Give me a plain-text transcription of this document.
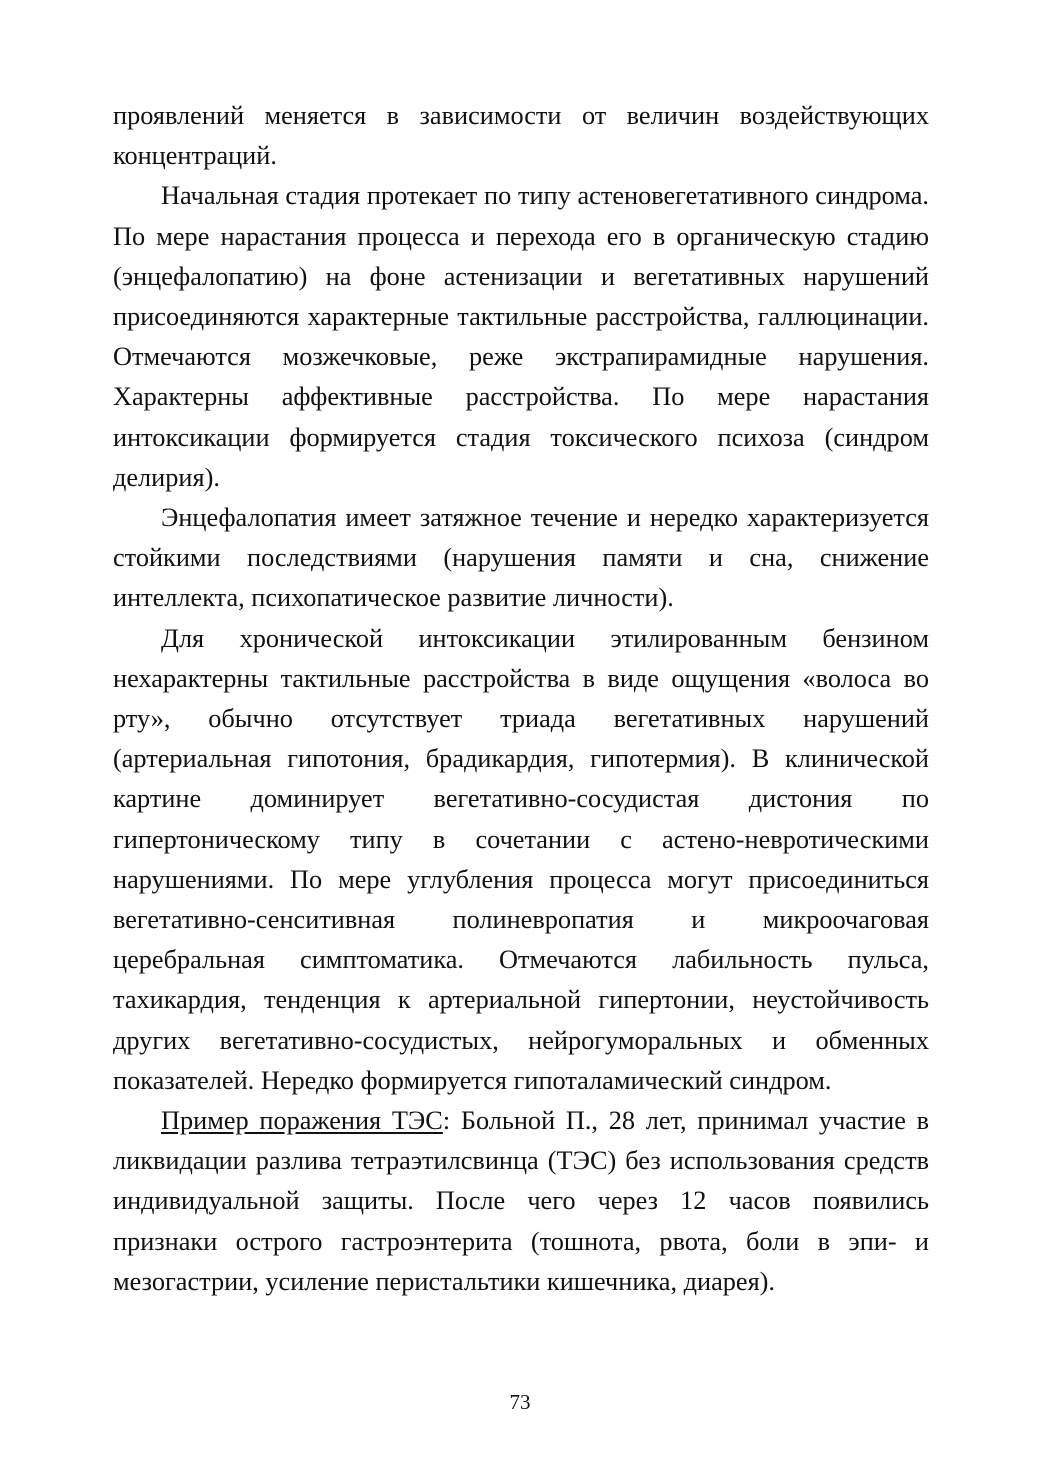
проявлений меняется в зависимости от величин воздействующих концентраций.

Начальная стадия протекает по типу астеновегетативного синдрома. По мере нарастания процесса и перехода его в органическую стадию (энцефалопатию) на фоне астенизации и вегетативных нарушений присоединяются характерные тактильные расстройства, галлюцинации. Отмечаются мозжечковые, реже экстрапирамидные нарушения. Характерны аффективные расстройства. По мере нарастания интоксикации формируется стадия токсического психоза (синдром делирия).

Энцефалопатия имеет затяжное течение и нередко характеризуется стойкими последствиями (нарушения памяти и сна, снижение интеллекта, психопатическое развитие личности).

Для хронической интоксикации этилированным бензином нехарактерны тактильные расстройства в виде ощущения «волоса во рту», обычно отсутствует триада вегетативных нарушений (артериальная гипотония, брадикардия, гипотермия). В клинической картине доминирует вегетативно-сосудистая дистония по гипертоническому типу в сочетании с астено-невротическими нарушениями. По мере углубления процесса могут присоединиться вегетативно-сенситивная полиневропатия и микроочаговая церебральная симптоматика. Отмечаются лабильность пульса, тахикардия, тенденция к артериальной гипертонии, неустойчивость других вегетативно-сосудистых, нейрогуморальных и обменных показателей. Нередко формируется гипоталамический синдром.

Пример поражения ТЭС: Больной П., 28 лет, принимал участие в ликвидации разлива тетраэтилсвинца (ТЭС) без использования средств индивидуальной защиты. После чего через 12 часов появились признаки острого гастроэнтерита (тошнота, рвота, боли в эпи- и мезогастрии, усиление перистальтики кишечника, диарея).

73
